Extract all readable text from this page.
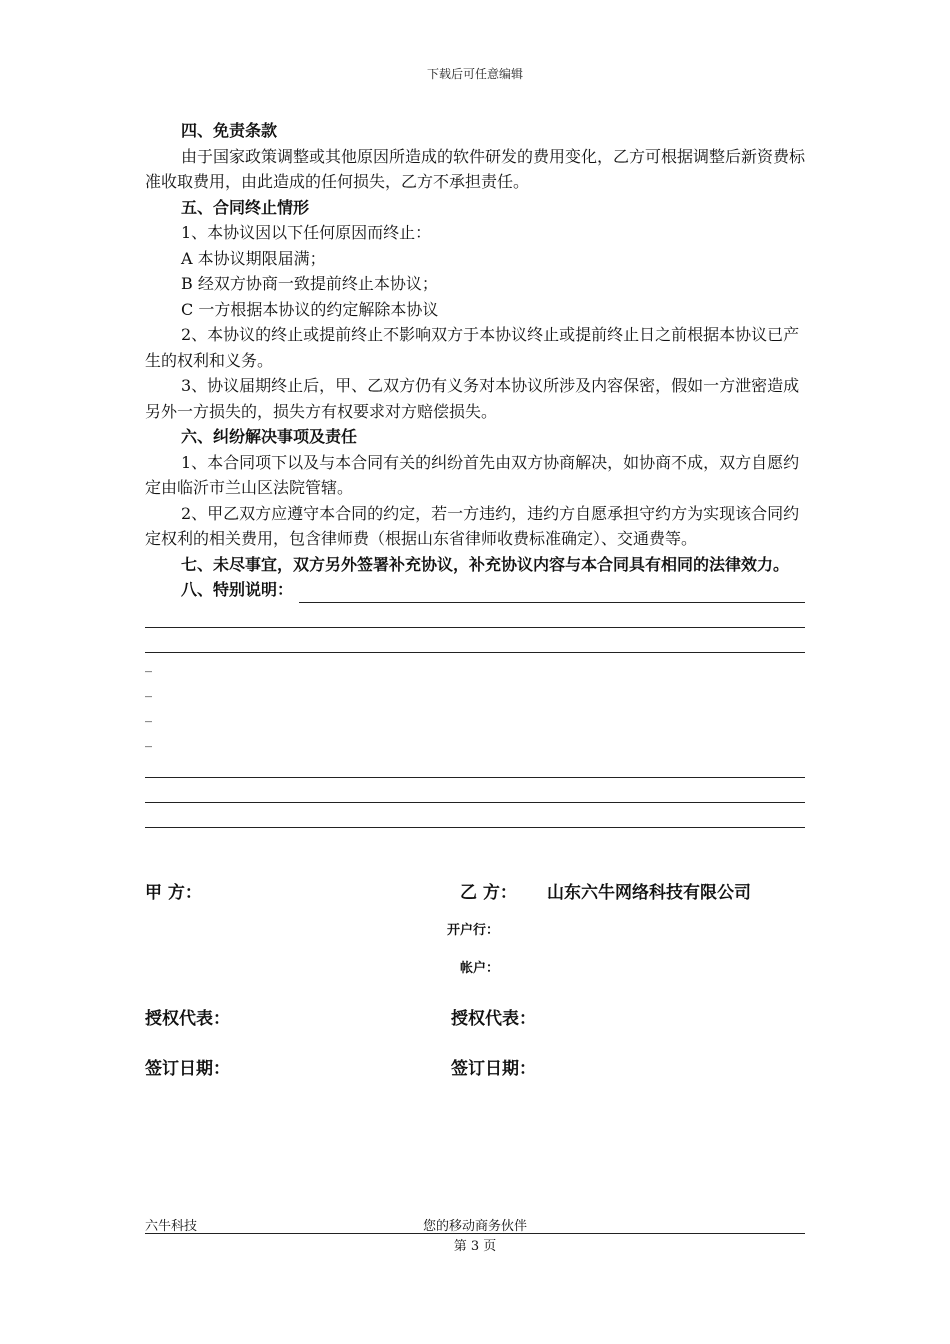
下载后可任意编辑

四、免责条款

由于国家政策调整或其他原因所造成的软件研发的费用变化，乙方可根据调整后新资费标准收取费用，由此造成的任何损失，乙方不承担责任。

五、合同终止情形

1、本协议因以下任何原因而终止：

A 本协议期限届满；

B 经双方协商一致提前终止本协议；

C 一方根据本协议的约定解除本协议

2、本协议的终止或提前终止不影响双方于本协议终止或提前终止日之前根据本协议已产生的权利和义务。

3、协议届期终止后，甲、乙双方仍有义务对本协议所涉及内容保密，假如一方泄密造成另外一方损失的，损失方有权要求对方赔偿损失。

六、纠纷解决事项及责任

1、本合同项下以及与本合同有关的纠纷首先由双方协商解决，如协商不成，双方自愿约定由临沂市兰山区法院管辖。

2、甲乙双方应遵守本合同的约定，若一方违约，违约方自愿承担守约方为实现该合同约定权利的相关费用，包含律师费（根据山东省律师收费标准确定）、交通费等。

七、未尽事宜，双方另外签署补充协议，补充协议内容与本合同具有相同的法律效力。

八、特别说明：
_
_
_
_
甲 方：	乙 方： 山东六牛网络科技有限公司
开户行：
帐户：
授权代表：	授权代表：
签订日期：	签订日期：
六牛科技	您的移动商务伙伴
第 3 页
